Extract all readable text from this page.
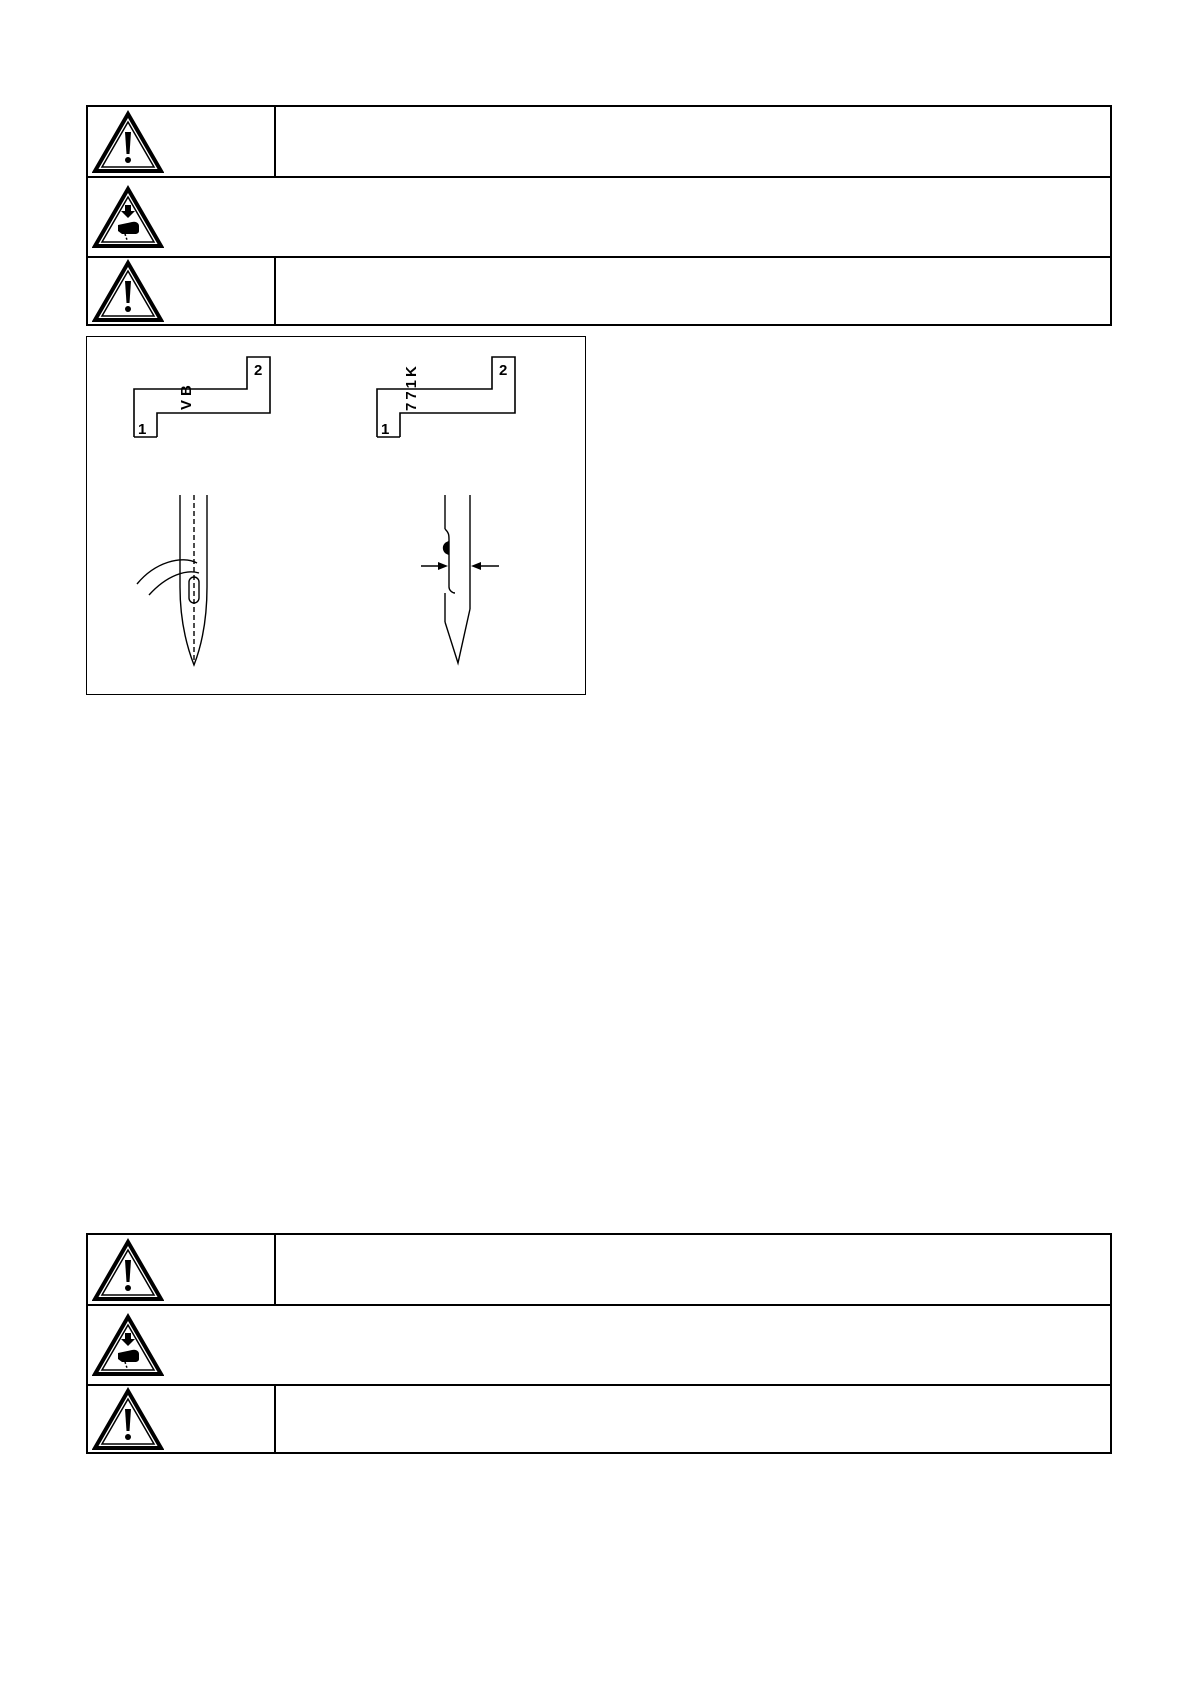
1
2
VB
1
2
771K
